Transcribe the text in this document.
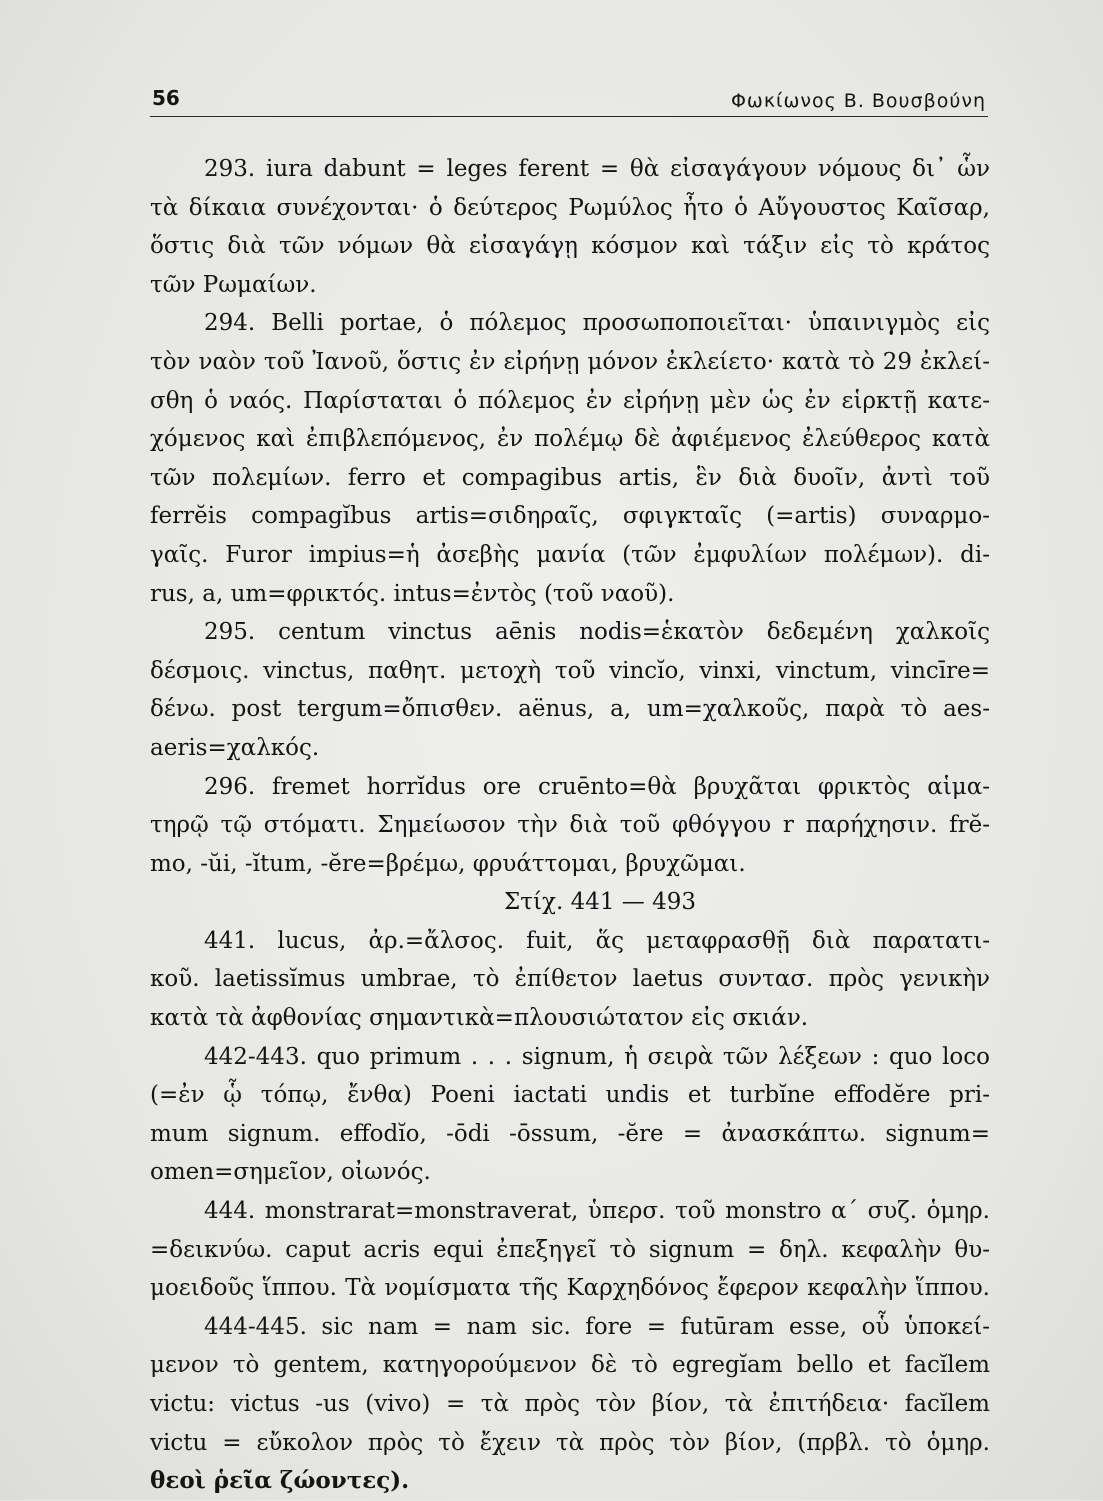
56	Φωκίωνος Β. Βουσβούνη
293. iura dabunt = leges ferent = θὰ εἰσαγάγουν νόμους δι᾽ ὧν
τὰ δίκαια συνέχονται· ὁ δεύτερος Ρωμύλος ἦτο ὁ Αὔγουστος Καῖσαρ,
ὅστις διὰ τῶν νόμων θὰ εἰσαγάγῃ κόσμον καὶ τάξιν εἰς τὸ κράτος
τῶν Ρωμαίων.
294. Belli portae, ὁ πόλεμος προσωποποιεῖται· ὑπαινιγμὸς εἰς
τὸν ναὸν τοῦ Ἰανοῦ, ὅστις ἐν εἰρήνῃ μόνον ἐκλείετο· κατὰ τὸ 29 ἐκλεί-
σθη ὁ ναός. Παρίσταται ὁ πόλεμος ἐν εἰρήνῃ μὲν ὡς ἐν εἱρκτῇ κατε-
χόμενος καὶ ἐπιβλεπόμενος, ἐν πολέμῳ δὲ ἀφιέμενος ἐλεύθερος κατὰ
τῶν πολεμίων. ferro et compagibus artis, ἓν διὰ δυοῖν, ἀντὶ τοῦ
ferrĕis compagĭbus artis=σιδηραῖς, σφιγκταῖς (=artis) συναρμο-
γαῖς. Furor impius=ἡ ἀσεβὴς μανία (τῶν ἐμφυλίων πολέμων). di-
rus, a, um=φρικτός. intus=ἐντὸς (τοῦ ναοῦ).
295. centum vinctus aēnis nodis=ἑκατὸν δεδεμένη χαλκοῖς
δέσμοις. vinctus, παθητ. μετοχὴ τοῦ vincĭo, vinxi, vinctum, vincīre=
δένω. post tergum=ὄπισθεν. aënus, a, um=χαλκοῦς, παρὰ τὸ aes-
aeris=χαλκός.
296. fremet horrĭdus ore cruēnto=θὰ βρυχᾶται φρικτὸς αἱμα-
τηρῷ τῷ στόματι. Σημείωσον τὴν διὰ τοῦ φθόγγου r παρήχησιν. frĕ-
mo, -ŭi, -ĭtum, -ĕre=βρέμω, φρυάττομαι, βρυχῶμαι.
Στίχ. 441 — 493
441. lucus, ἀρ.=ἄλσος. fuit, ἅς μεταφρασθῇ διὰ παρατατι-
κοῦ. laetissĭmus umbrae, τὸ ἐπίθετον laetus συντασ. πρὸς γενικὴν
κατὰ τὰ ἀφθονίας σημαντικὰ=πλουσιώτατον εἰς σκιάν.
442-443. quo primum . . . signum, ἡ σειρὰ τῶν λέξεων : quo loco
(=ἐν ᾧ τόπῳ, ἔνθα) Poeni iactati undis et turbĭne effodĕre pri-
mum signum. effodĭo, -ōdi -ōssum, -ĕre = ἀνασκάπτω. signum=
omen=σημεῖον, οἰωνός.
444. monstrarat=monstraverat, ὑπερσ. τοῦ monstro α΄ συζ. ὁμηρ.
=δεικνύω. caput acris equi ἐπεξηγεῖ τὸ signum = δηλ. κεφαλὴν θυ-
μοειδοῦς ἵππου. Τὰ νομίσματα τῆς Καρχηδόνος ἔφερον κεφαλὴν ἵππου.
444-445. sic nam = nam sic. fore = futūram esse, οὗ ὑποκεί-
μενον τὸ gentem, κατηγορούμενον δὲ τὸ egregĭam bello et facĭlem
victu: victus -us (vivo) = τὰ πρὸς τὸν βίον, τὰ ἐπιτήδεια· facĭlem
victu = εὔκολον πρὸς τὸ ἔχειν τὰ πρὸς τὸν βίον, (πρβλ. τὸ ὁμηρ.
θεοὶ ῥεῖα ζώοντες).
